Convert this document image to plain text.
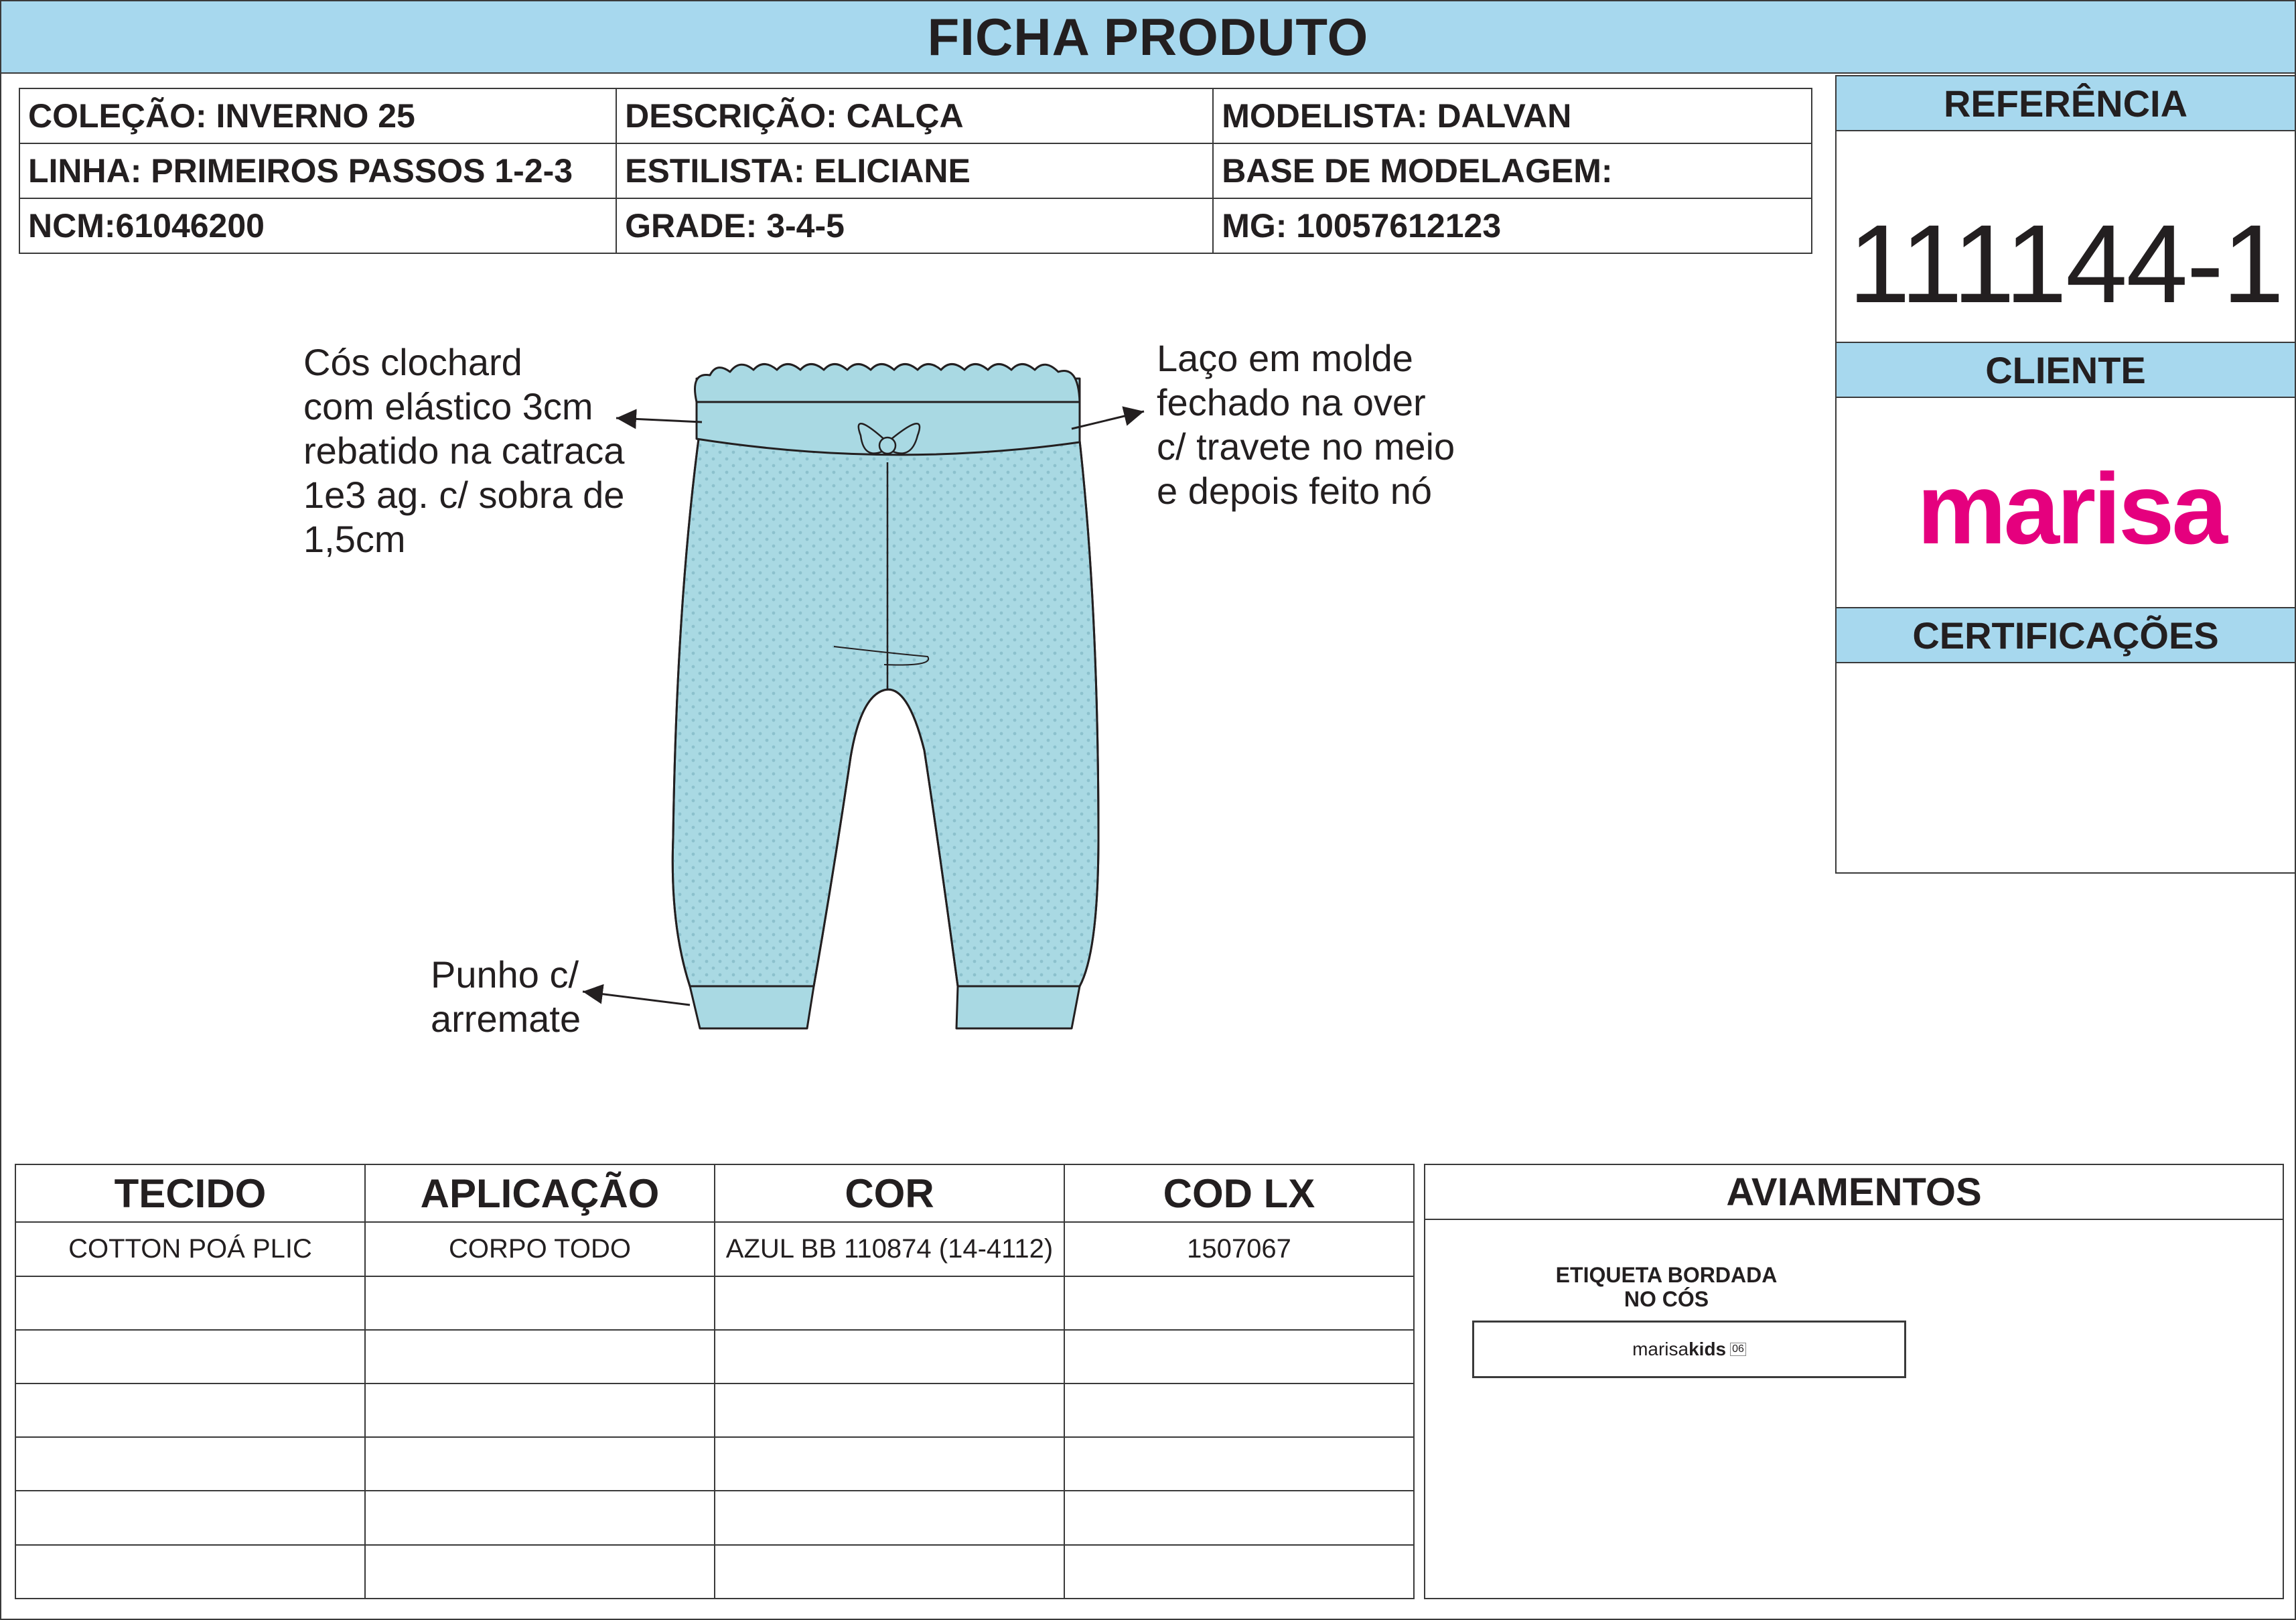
FICHA PRODUTO
COLEÇÃO: INVERNO 25	DESCRIÇÃO: CALÇA	MODELISTA: DALVAN
LINHA: PRIMEIROS PASSOS 1-2-3	ESTILISTA: ELICIANE	BASE DE MODELAGEM:
NCM:61046200	GRADE: 3-4-5	MG: 10057612123
REFERÊNCIA
111144-1
CLIENTE
marisa
CERTIFICAÇÕES
Cós clochard
com elástico 3cm
rebatido na catraca
1e3 ag. c/ sobra de
1,5cm
Laço em molde
fechado na over
c/ travete no meio
e depois feito nó
Punho c/
arremate
TECIDO	APLICAÇÃO	COR	COD LX
COTTON POÁ PLIC	CORPO TODO	AZUL BB 110874 (14-4112)	1507067

AVIAMENTOS
ETIQUETA BORDADA
NO CÓS
marisa kids 06
